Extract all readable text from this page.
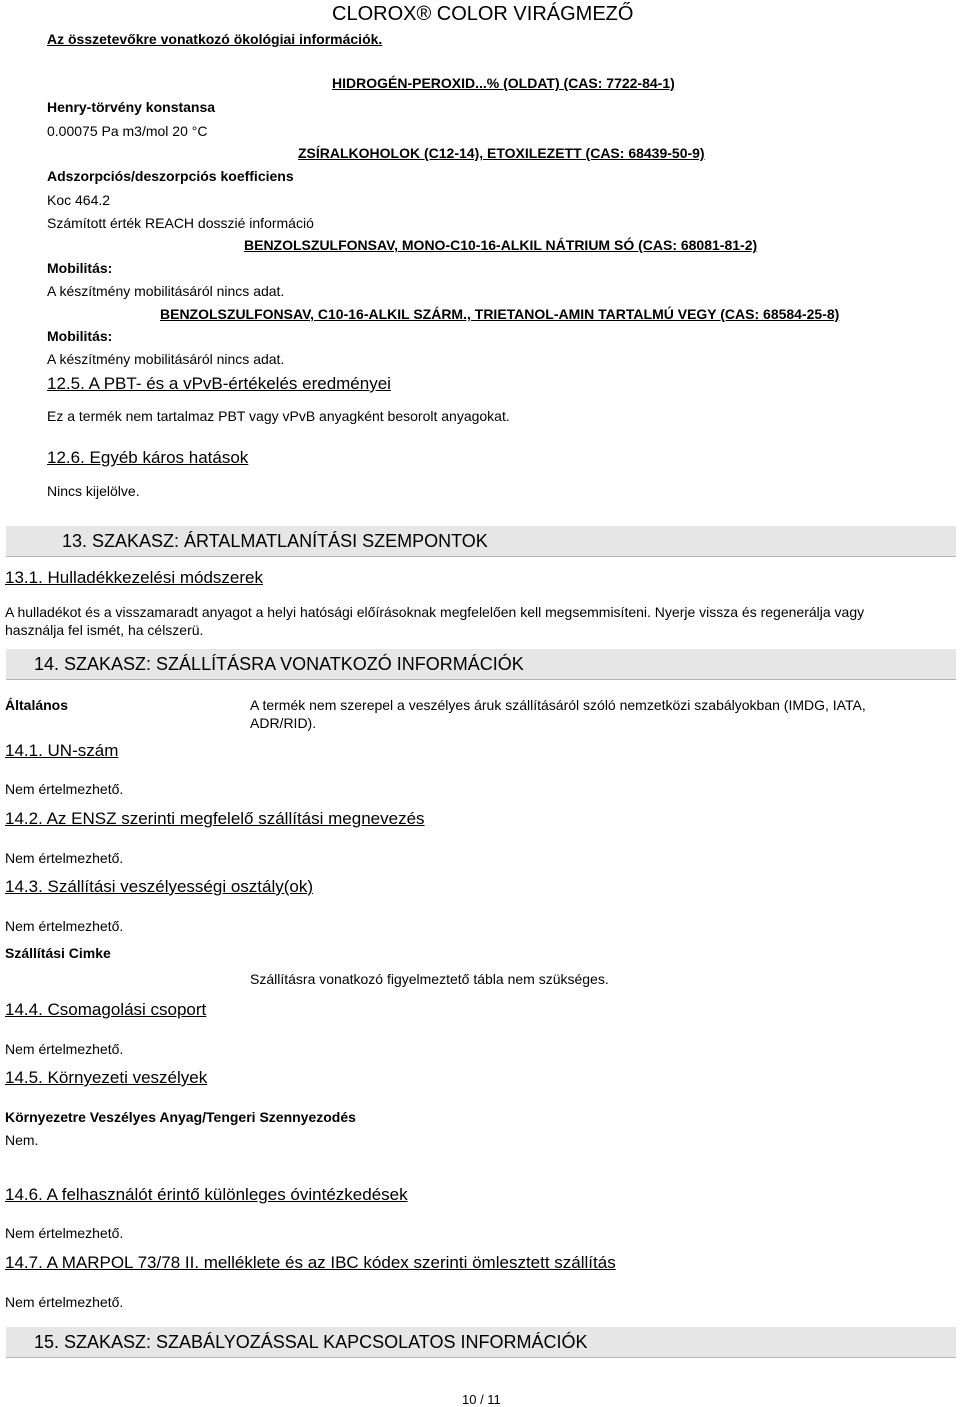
CLOROX® COLOR VIRÁGMEZŐ
Az összetevőkre vonatkozó ökológiai információk.
HIDROGÉN-PEROXID...% (OLDAT) (CAS: 7722-84-1)
Henry-törvény konstansa
0.00075 Pa m3/mol 20 °C
ZSÍRALKOHOLOK (C12-14), ETOXILEZETT (CAS: 68439-50-9)
Adszorpciós/deszorpciós koefficiens
Koc 464.2
Számított érték REACH dosszié információ
BENZOLSZULFONSAV, MONO-C10-16-ALKIL NÁTRIUM SÓ (CAS: 68081-81-2)
Mobilitás:
A készítmény mobilitásáról nincs adat.
BENZOLSZULFONSAV, C10-16-ALKIL SZÁRM., TRIETANOL-AMIN TARTALMÚ VEGY (CAS: 68584-25-8)
Mobilitás:
A készítmény mobilitásáról nincs adat.
12.5. A PBT- és a vPvB-értékelés eredményei
Ez a termék nem tartalmaz PBT vagy vPvB anyagként besorolt anyagokat.
12.6. Egyéb káros hatások
Nincs kijelölve.
13. SZAKASZ: ÁRTALMATLANÍTÁSI SZEMPONTOK
13.1. Hulladékkezelési módszerek
A hulladékot és a visszamaradt anyagot a helyi hatósági előírásoknak megfelelően kell megsemmisíteni. Nyerje vissza és regenerálja vagy használja fel ismét, ha célszerü.
14. SZAKASZ: SZÁLLÍTÁSRA VONATKOZÓ INFORMÁCIÓK
Általános	A termék nem szerepel a veszélyes áruk szállításáról szóló nemzetközi szabályokban (IMDG, IATA, ADR/RID).
14.1. UN-szám
Nem értelmezhető.
14.2. Az ENSZ szerinti megfelelő szállítási megnevezés
Nem értelmezhető.
14.3. Szállítási veszélyességi osztály(ok)
Nem értelmezhető.
Szállítási Cimke
Szállításra vonatkozó figyelmeztető tábla nem szükséges.
14.4. Csomagolási csoport
Nem értelmezhető.
14.5. Környezeti veszélyek
Környezetre Veszélyes Anyag/Tengeri Szennyezodés
Nem.
14.6. A felhasználót érintő különleges óvintézkedések
Nem értelmezhető.
14.7. A MARPOL 73/78 II. melléklete és az IBC kódex szerinti ömlesztett szállítás
Nem értelmezhető.
15. SZAKASZ: SZABÁLYOZÁSSAL KAPCSOLATOS INFORMÁCIÓK
10 / 11
